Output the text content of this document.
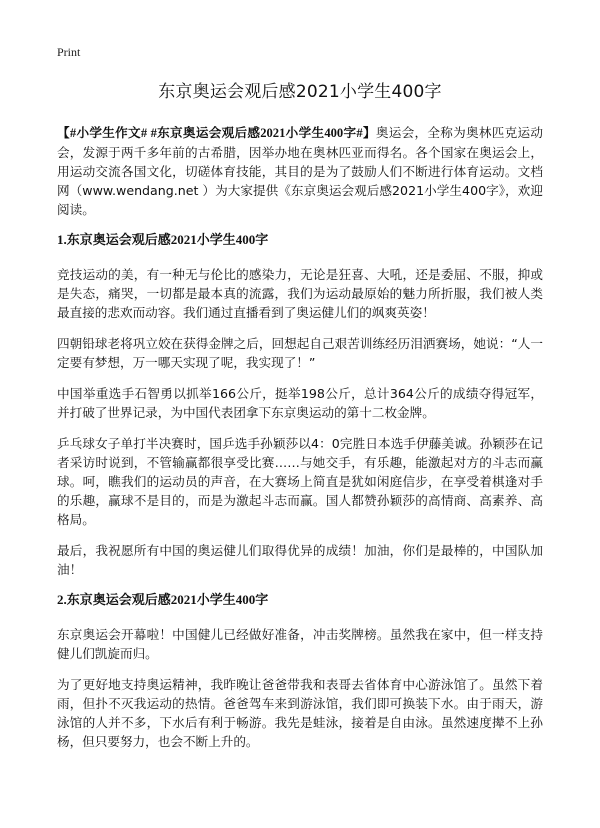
Print
东京奥运会观后感2021小学生400字

【#小学生作文# #东京奥运会观后感2021小学生400字#】奥运会，全称为奥林匹克运动会，发源于两千多年前的古希腊，因举办地在奥林匹亚而得名。各个国家在奥运会上，用运动交流各国文化，切磋体育技能，其目的是为了鼓励人们不断进行体育运动。文档网（www.wendang.net ）为大家提供《东京奥运会观后感2021小学生400字》，欢迎阅读。

1.东京奥运会观后感2021小学生400字

竞技运动的美，有一种无与伦比的感染力，无论是狂喜、大吼，还是委屈、不服，抑或是失态，痛哭，一切都是最本真的流露，我们为运动最原始的魅力所折服，我们被人类最直接的悲欢而动容。我们通过直播看到了奥运健儿们的飒爽英姿！

四朝铅球老将巩立姣在获得金牌之后，回想起自己艰苦训练经历泪洒赛场，她说：“人一定要有梦想，万一哪天实现了呢，我实现了！”

中国举重选手石智勇以抓举166公斤，挺举198公斤，总计364公斤的成绩夺得冠军，并打破了世界记录，为中国代表团拿下东京奥运动的第十二枚金牌。

乒乓球女子单打半决赛时，国乒选手孙颖莎以4：0完胜日本选手伊藤美诚。孙颖莎在记者采访时说到，不管输赢都很享受比赛……与她交手，有乐趣，能激起对方的斗志而赢球。呵，瞧我们的运动员的声音，在大赛场上简直是犹如闲庭信步，在享受着棋逢对手的乐趣，赢球不是目的，而是为激起斗志而赢。国人都赞孙颖莎的高情商、高素养、高格局。

最后，我祝愿所有中国的奥运健儿们取得优异的成绩！加油，你们是最棒的，中国队加油！

2.东京奥运会观后感2021小学生400字

东京奥运会开幕啦！中国健儿已经做好准备，冲击奖牌榜。虽然我在家中，但一样支持健儿们凯旋而归。

为了更好地支持奥运精神，我昨晚让爸爸带我和表哥去省体育中心游泳馆了。虽然下着雨，但扑不灭我运动的热情。爸爸驾车来到游泳馆，我们即可换装下水。由于雨天，游泳馆的人并不多，下水后有利于畅游。我先是蛙泳，接着是自由泳。虽然速度撵不上孙杨，但只要努力，也会不断上升的。
